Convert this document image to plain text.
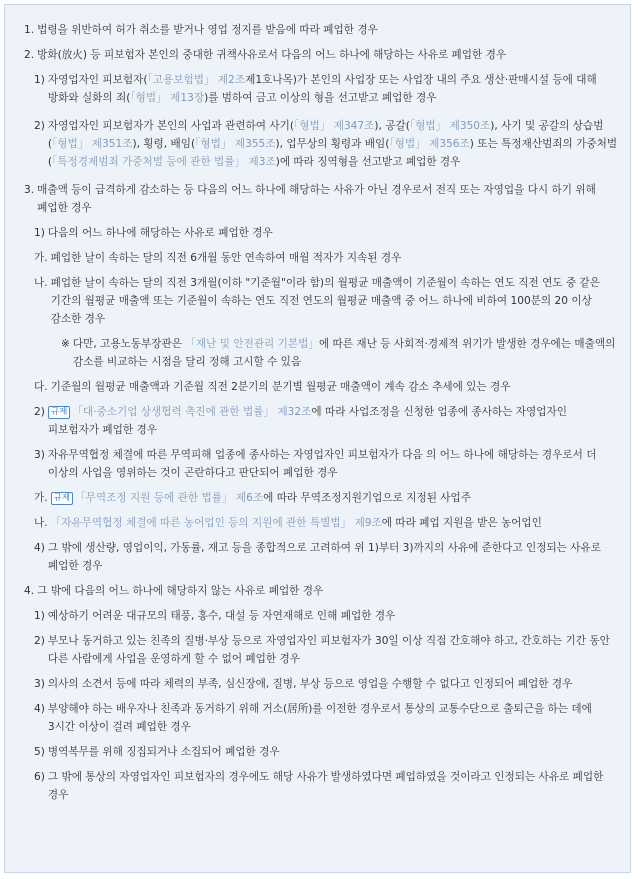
1. 법령을 위반하여 허가 취소를 받거나 영업 정지를 받음에 따라 폐업한 경우
2. 방화(放火) 등 피보험자 본인의 중대한 귀책사유로서 다음의 어느 하나에 해당하는 사유로 폐업한 경우
1) 자영업자인 피보험자(「고용보험법」 제2조제1호나목)가 본인의 사업장 또는 사업장 내의 주요 생산·판매시설 등에 대해 방화와 실화의 죄(「형법」 제13장)를 범하여 금고 이상의 형을 선고받고 폐업한 경우
2) 자영업자인 피보험자가 본인의 사업과 관련하여 사기(「형법」 제347조), 공갈(「형법」 제350조), 사기 및 공갈의 상습범(「형법」 제351조), 횡령, 배임(「형법」 제355조), 업무상의 횡령과 배임(「형법」 제356조) 또는 특정재산범죄의 가중처벌(「특정경제범죄 가중처벌 등에 관한 법률」 제3조)에 따라 징역형을 선고받고 폐업한 경우
3. 매출액 등이 급격하게 감소하는 등 다음의 어느 하나에 해당하는 사유가 아닌 경우로서 전직 또는 자영업을 다시 하기 위해 폐업한 경우
1) 다음의 어느 하나에 해당하는 사유로 폐업한 경우
가. 폐업한 날이 속하는 달의 직전 6개월 동안 연속하여 매월 적자가 지속된 경우
나. 폐업한 날이 속하는 달의 직전 3개월(이하 "기준월"이라 함)의 월평균 매출액이 기준월이 속하는 연도 직전 연도 중 같은 기간의 월평균 매출액 또는 기준월이 속하는 연도 직전 연도의 월평균 매출액 중 어느 하나에 비하여 100분의 20 이상 감소한 경우
※ 다만, 고용노동부장관은 「재난 및 안전관리 기본법」에 따른 재난 등 사회적·경제적 위기가 발생한 경우에는 매출액의 감소를 비교하는 시점을 달리 정해 고시할 수 있음
다. 기준월의 월평균 매출액과 기준월 직전 2분기의 분기별 월평균 매출액이 계속 감소 추세에 있는 경우
2) 규제 「대·중소기업 상생협력 촉진에 관한 법률」 제32조에 따라 사업조정을 신청한 업종에 종사하는 자영업자인 피보험자가 폐업한 경우
3) 자유무역협정 체결에 따른 무역피해 업종에 종사하는 자영업자인 피보험자가 다음 의 어느 하나에 해당하는 경우로서 더 이상의 사업을 영위하는 것이 곤란하다고 판단되어 폐업한 경우
가. 규제 「무역조정 지원 등에 관한 법률」 제6조에 따라 무역조정지원기업으로 지정된 사업주
나. 「자유무역협정 체결에 따른 농어업인 등의 지원에 관한 특별법」 제9조에 따라 폐업 지원을 받은 농어업인
4) 그 밖에 생산량, 영업이익, 가동률, 재고 등을 종합적으로 고려하여 위 1)부터 3)까지의 사유에 준한다고 인정되는 사유로 폐업한 경우
4. 그 밖에 다음의 어느 하나에 해당하지 않는 사유로 폐업한 경우
1) 예상하기 어려운 대규모의 태풍, 홍수, 대설 등 자연재해로 인해 폐업한 경우
2) 부모나 동거하고 있는 친족의 질병·부상 등으로 자영업자인 피보험자가 30일 이상 직접 간호해야 하고, 간호하는 기간 동안 다른 사람에게 사업을 운영하게 할 수 없어 폐업한 경우
3) 의사의 소견서 등에 따라 체력의 부족, 심신장애, 질병, 부상 등으로 영업을 수행할 수 없다고 인정되어 폐업한 경우
4) 부양해야 하는 배우자나 친족과 동거하기 위해 거소(居所)를 이전한 경우로서 통상의 교통수단으로 출퇴근을 하는 데에 3시간 이상이 걸려 폐업한 경우
5) 병역복무를 위해 징집되거나 소집되어 폐업한 경우
6) 그 밖에 통상의 자영업자인 피보험자의 경우에도 해당 사유가 발생하였다면 폐업하였을 것이라고 인정되는 사유로 폐업한 경우
